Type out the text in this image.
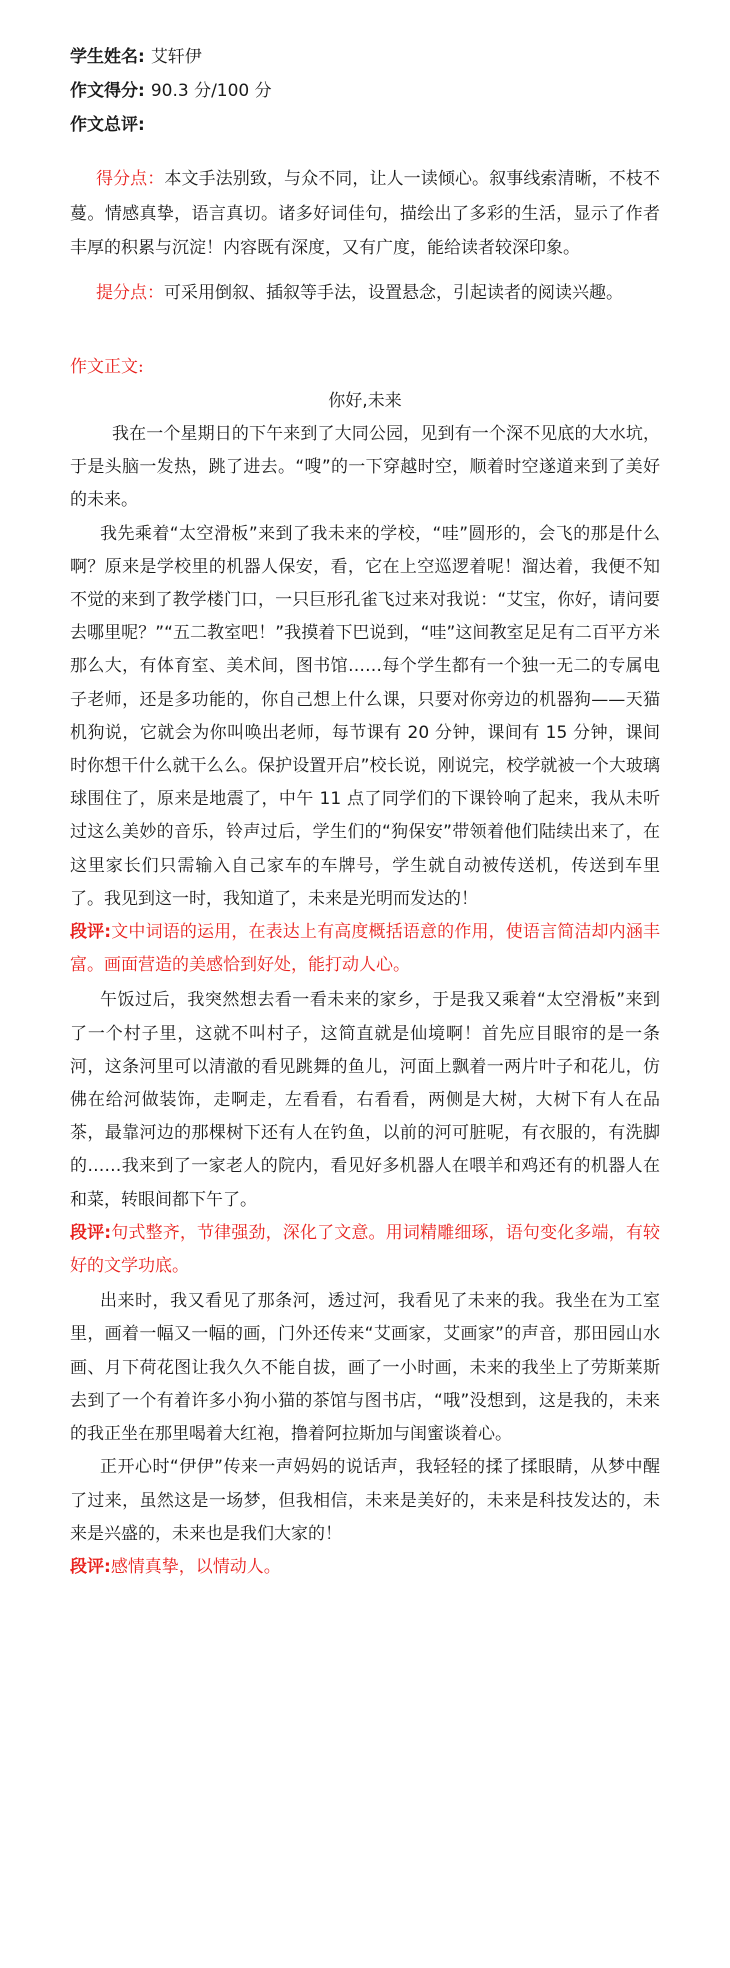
学生姓名: 艾轩伊
作文得分: 90.3 分/100 分
作文总评:

得分点：本文手法别致，与众不同，让人一读倾心。叙事线索清晰，不枝不蔓。情感真挚，语言真切。诸多好词佳句，描绘出了多彩的生活，显示了作者丰厚的积累与沉淀！内容既有深度，又有广度，能给读者较深印象。

提分点：可采用倒叙、插叙等手法，设置悬念，引起读者的阅读兴趣。

作文正文:
你好,未来

我在一个星期日的下午来到了大同公园，见到有一个深不见底的大水坑，于是头脑一发热，跳了进去。“嗖”的一下穿越时空，顺着时空遂道来到了美好的未来。

我先乘着“太空滑板”来到了我未来的学校，“哇”圆形的，会飞的那是什么啊？原来是学校里的机器人保安，看，它在上空巡逻着呢！溜达着，我便不知不觉的来到了教学楼门口，一只巨形孔雀飞过来对我说：“艾宝，你好，请问要去哪里呢？”“五二教室吧！”我摸着下巴说到，“哇”这间教室足足有二百平方米那么大，有体育室、美术间，图书馆……每个学生都有一个独一无二的专属电子老师，还是多功能的，你自己想上什么课，只要对你旁边的机器狗——天猫机狗说，它就会为你叫唤出老师，每节课有 20 分钟，课间有 15 分钟，课间时你想干什么就干么么。保护设置开启”校长说，刚说完，校学就被一个大玻璃球围住了，原来是地震了，中午 11 点了同学们的下课铃响了起来，我从未听过这么美妙的音乐，铃声过后，学生们的“狗保安”带领着他们陆续出来了，在这里家长们只需输入自己家车的车牌号，学生就自动被传送机，传送到车里了。我见到这一时，我知道了，未来是光明而发达的！

段评:文中词语的运用，在表达上有高度概括语意的作用，使语言简洁却内涵丰富。画面营造的美感恰到好处，能打动人心。

午饭过后，我突然想去看一看未来的家乡，于是我又乘着“太空滑板”来到了一个村子里，这就不叫村子，这简直就是仙境啊！首先应目眼帘的是一条河，这条河里可以清澈的看见跳舞的鱼儿，河面上飘着一两片叶子和花儿，仿佛在给河做装饰，走啊走，左看看，右看看，两侧是大树，大树下有人在品茶，最靠河边的那棵树下还有人在钓鱼，以前的河可脏呢，有衣服的，有洗脚的……我来到了一家老人的院内，看见好多机器人在喂羊和鸡还有的机器人在和菜，转眼间都下午了。

段评:句式整齐，节律强劲，深化了文意。用词精雕细琢，语句变化多端，有较好的文学功底。

出来时，我又看见了那条河，透过河，我看见了未来的我。我坐在为工室里，画着一幅又一幅的画，门外还传来“艾画家，艾画家”的声音，那田园山水画、月下荷花图让我久久不能自拔，画了一小时画，未来的我坐上了劳斯莱斯去到了一个有着许多小狗小猫的茶馆与图书店，“哦”没想到，这是我的，未来的我正坐在那里喝着大红袍，撸着阿拉斯加与闺蜜谈着心。

正开心时“伊伊”传来一声妈妈的说话声，我轻轻的揉了揉眼睛，从梦中醒了过来，虽然这是一场梦，但我相信，未来是美好的，未来是科技发达的，未来是兴盛的，未来也是我们大家的！

段评:感情真挚，以情动人。
